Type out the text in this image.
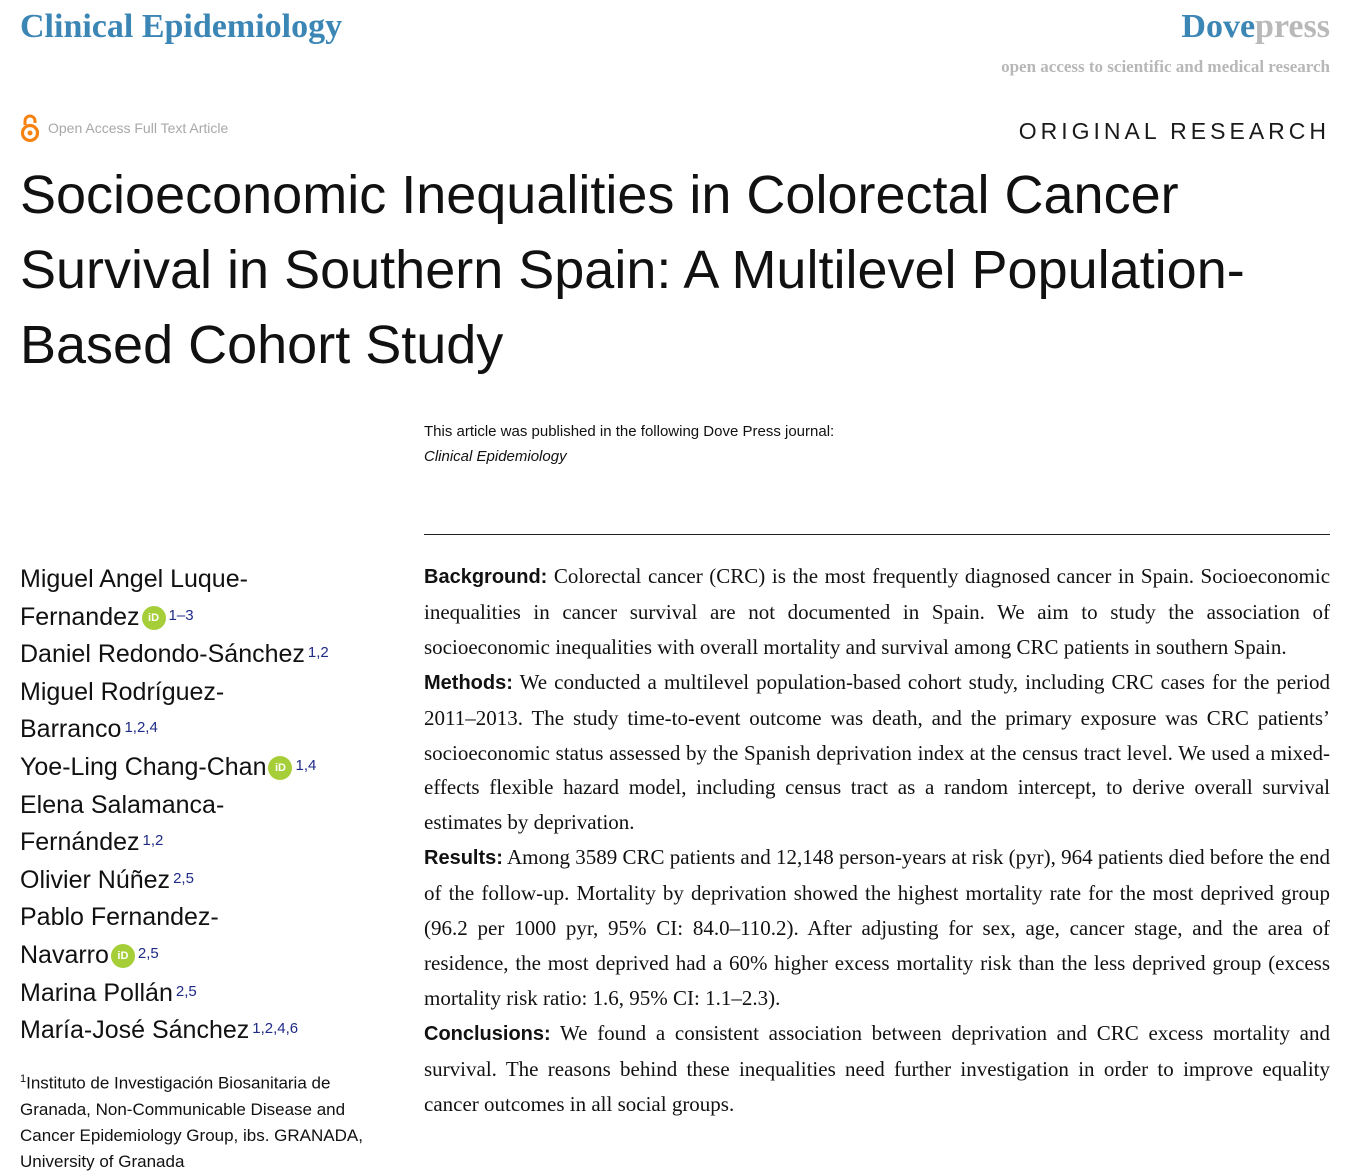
Clinical Epidemiology	Dovepress
open access to scientific and medical research
Open Access Full Text Article	ORIGINAL RESEARCH
Socioeconomic Inequalities in Colorectal Cancer Survival in Southern Spain: A Multilevel Population-Based Cohort Study
This article was published in the following Dove Press journal:
Clinical Epidemiology
Miguel Angel Luque-
Fernandez iD $^{1-3}$
Daniel Redondo-Sánchez $^{1,2}$
Miguel Rodríguez-
Barranco $^{1,2,4}$
Yoe-Ling Chang-Chan iD $^{1,4}$
Elena Salamanca-
Fernández $^{1,2}$
Olivier Núñez $^{2,5}$
Pablo Fernandez-
Navarro iD $^{2,5}$
Marina Pollán $^{2,5}$
María-José Sánchez $^{1,2,4,6}$
$^1$Instituto de Investigación Biosanitaria de Granada, Non-Communicable Disease and Cancer Epidemiology Group, ibs. GRANADA, University of Granada

Background: Colorectal cancer (CRC) is the most frequently diagnosed cancer in Spain. Socioeconomic inequalities in cancer survival are not documented in Spain. We aim to study the association of socioeconomic inequalities with overall mortality and survival among CRC patients in southern Spain.

Methods: We conducted a multilevel population-based cohort study, including CRC cases for the period 2011–2013. The study time-to-event outcome was death, and the primary exposure was CRC patients’ socioeconomic status assessed by the Spanish deprivation index at the census tract level. We used a mixed-effects flexible hazard model, including census tract as a random intercept, to derive overall survival estimates by deprivation.

Results: Among 3589 CRC patients and 12,148 person-years at risk (pyr), 964 patients died before the end of the follow-up. Mortality by deprivation showed the highest mortality rate for the most deprived group (96.2 per 1000 pyr, 95% CI: 84.0–110.2). After adjusting for sex, age, cancer stage, and the area of residence, the most deprived had a 60% higher excess mortality risk than the less deprived group (excess mortality risk ratio: 1.6, 95% CI: 1.1–2.3).

Conclusions: We found a consistent association between deprivation and CRC excess mortality and survival. The reasons behind these inequalities need further investigation in order to improve equality cancer outcomes in all social groups.
